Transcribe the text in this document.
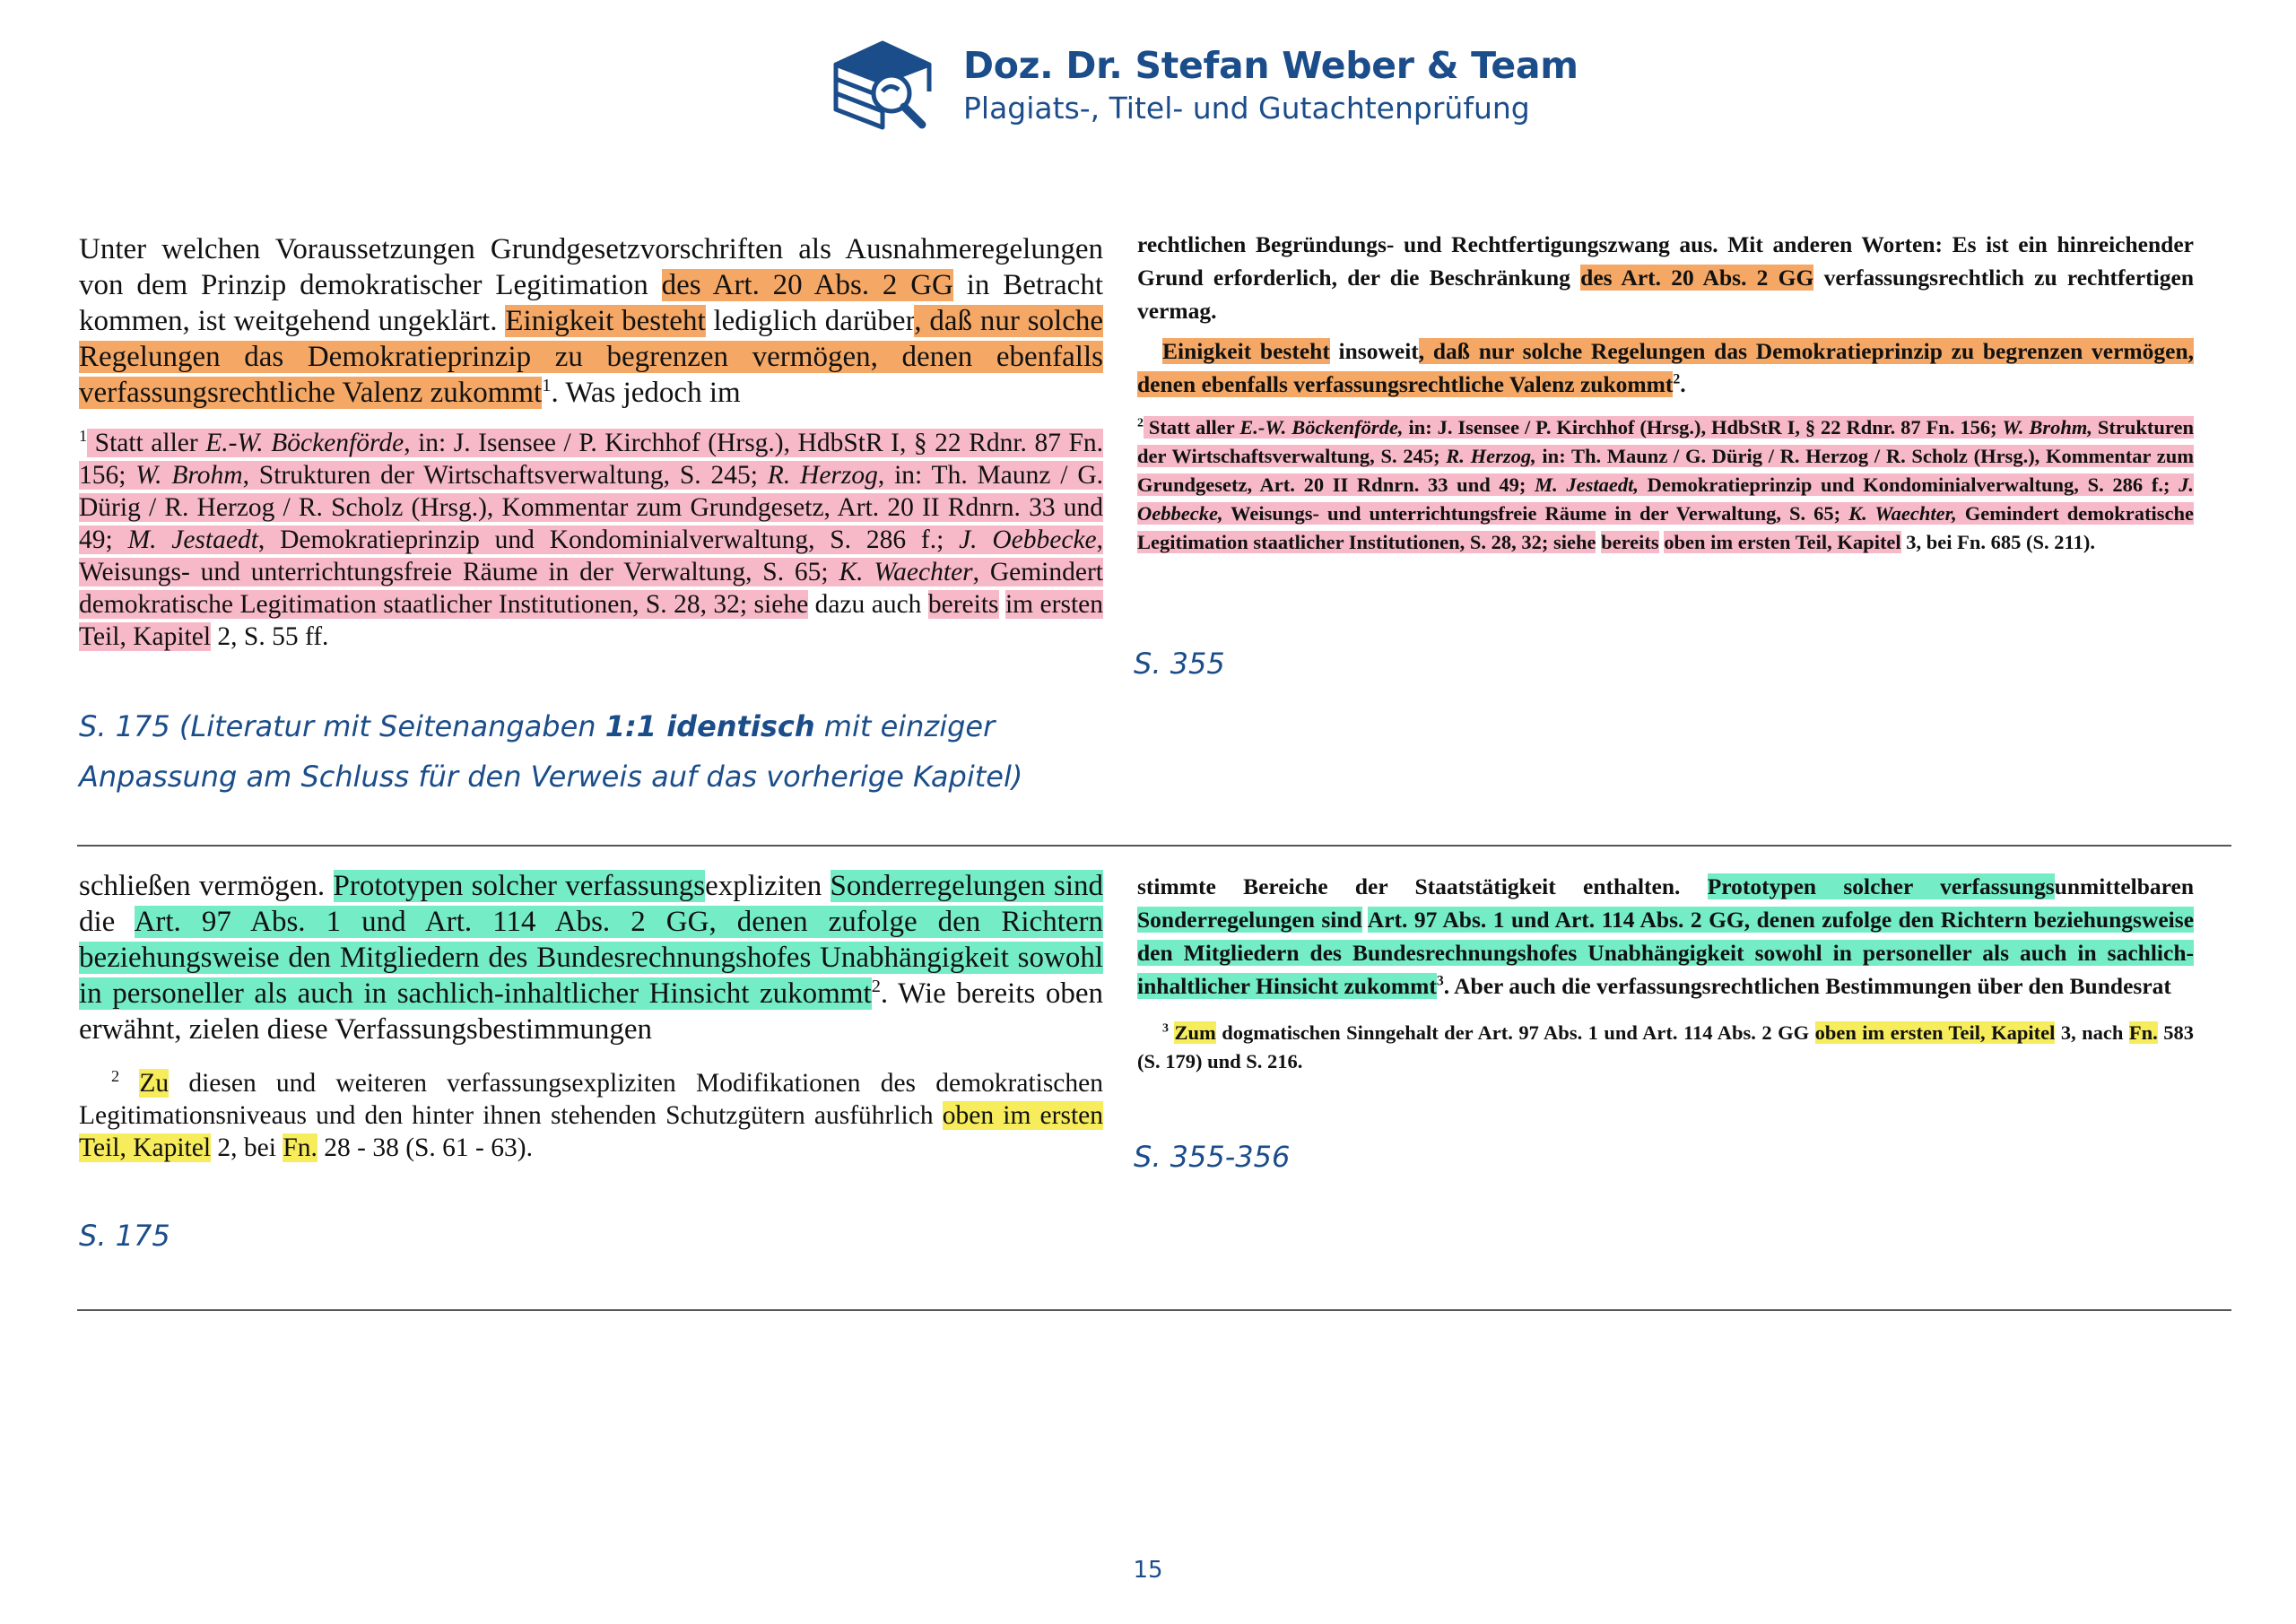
Doz. Dr. Stefan Weber & Team
Plagiats-, Titel- und Gutachtenprüfung

Unter welchen Voraussetzungen Grundgesetzvorschriften als Ausnahmeregelungen von dem Prinzip demokratischer Legitimation des Art. 20 Abs. 2 GG in Betracht kommen, ist weitgehend ungeklärt. Einigkeit besteht lediglich darüber, daß nur solche Regelungen das Demokratieprinzip zu begrenzen vermögen, denen ebenfalls verfassungsrechtliche Valenz zukommt$^1$. Was jedoch im

$^1$ Statt aller E.-W. Böckenförde, in: J. Isensee / P. Kirchhof (Hrsg.), HdbStR I, § 22 Rdnr. 87 Fn. 156; W. Brohm, Strukturen der Wirtschaftsverwaltung, S. 245; R. Herzog, in: Th. Maunz / G. Dürig / R. Herzog / R. Scholz (Hrsg.), Kommentar zum Grundgesetz, Art. 20 II Rdnrn. 33 und 49; M. Jestaedt, Demokratieprinzip und Kondominialverwaltung, S. 286 f.; J. Oebbecke, Weisungs- und unterrichtungsfreie Räume in der Verwaltung, S. 65; K. Waechter, Gemindert demokratische Legitimation staatlicher Institutionen, S. 28, 32; siehe dazu auch bereits im ersten Teil, Kapitel 2, S. 55 ff.

rechtlichen Begründungs- und Rechtfertigungszwang aus. Mit anderen Worten: Es ist ein hinreichender Grund erforderlich, der die Beschränkung des Art. 20 Abs. 2 GG verfassungsrechtlich zu rechtfertigen vermag.

Einigkeit besteht insoweit, daß nur solche Regelungen das Demokratieprinzip zu begrenzen vermögen, denen ebenfalls verfassungsrechtliche Valenz zukommt$^2$.

$^2$ Statt aller E.-W. Böckenförde, in: J. Isensee / P. Kirchhof (Hrsg.), HdbStR I, § 22 Rdnr. 87 Fn. 156; W. Brohm, Strukturen der Wirtschaftsverwaltung, S. 245; R. Herzog, in: Th. Maunz / G. Dürig / R. Herzog / R. Scholz (Hrsg.), Kommentar zum Grundgesetz, Art. 20 II Rdnrn. 33 und 49; M. Jestaedt, Demokratieprinzip und Kondominialverwaltung, S. 286 f.; J. Oebbecke, Weisungs- und unterrichtungsfreie Räume in der Verwaltung, S. 65; K. Waechter, Gemindert demokratische Legitimation staatlicher Institutionen, S. 28, 32; siehe bereits oben im ersten Teil, Kapitel 3, bei Fn. 685 (S. 211).

S. 175 (Literatur mit Seitenangaben 1:1 identisch mit einziger Anpassung am Schluss für den Verweis auf das vorherige Kapitel)
S. 355

schließen vermögen. Prototypen solcher verfassungsexpliziten Sonderregelungen sind die Art. 97 Abs. 1 und Art. 114 Abs. 2 GG, denen zufolge den Richtern beziehungsweise den Mitgliedern des Bundesrechnungshofes Unabhängigkeit sowohl in personeller als auch in sachlich-inhaltlicher Hinsicht zukommt$^2$. Wie bereits oben erwähnt, zielen diese Verfassungsbestimmungen

$^2$ Zu diesen und weiteren verfassungsexpliziten Modifikationen des demokratischen Legitimationsniveaus und den hinter ihnen stehenden Schutzgütern ausführlich oben im ersten Teil, Kapitel 2, bei Fn. 28 - 38 (S. 61 - 63).

stimmte Bereiche der Staatstätigkeit enthalten. Prototypen solcher verfassungsunmittelbaren Sonderregelungen sind Art. 97 Abs. 1 und Art. 114 Abs. 2 GG, denen zufolge den Richtern beziehungsweise den Mitgliedern des Bundesrechnungshofes Unabhängigkeit sowohl in personeller als auch in sachlich-inhaltlicher Hinsicht zukommt$^3$. Aber auch die verfassungsrechtlichen Bestimmungen über den Bundesrat

$^3$ Zum dogmatischen Sinngehalt der Art. 97 Abs. 1 und Art. 114 Abs. 2 GG oben im ersten Teil, Kapitel 3, nach Fn. 583 (S. 179) und S. 216.

S. 175
S. 355-356
15
